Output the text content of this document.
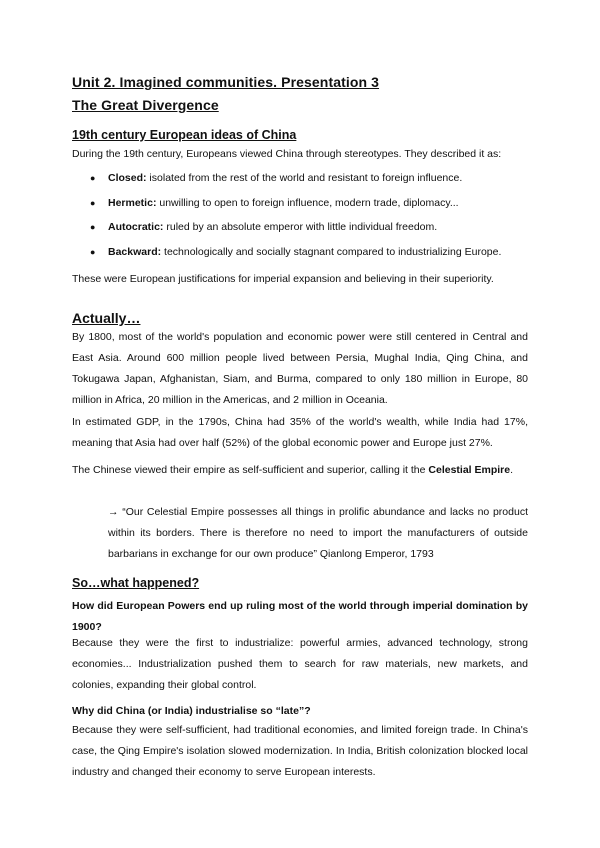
Unit 2. Imagined communities. Presentation 3
The Great Divergence
19th century European ideas of China
During the 19th century, Europeans viewed China through stereotypes. They described it as:
● Closed: isolated from the rest of the world and resistant to foreign influence.
● Hermetic: unwilling to open to foreign influence, modern trade, diplomacy...
● Autocratic: ruled by an absolute emperor with little individual freedom.
● Backward: technologically and socially stagnant compared to industrializing Europe.
These were European justifications for imperial expansion and believing in their superiority.
Actually…
By 1800, most of the world's population and economic power were still centered in Central and East Asia. Around 600 million people lived between Persia, Mughal India, Qing China, and Tokugawa Japan, Afghanistan, Siam, and Burma, compared to only 180 million in Europe, 80 million in Africa, 20 million in the Americas, and 2 million in Oceania.
In estimated GDP, in the 1790s, China had 35% of the world's wealth, while India had 17%, meaning that Asia had over half (52%) of the global economic power and Europe just 27%.
The Chinese viewed their empire as self-sufficient and superior, calling it the Celestial Empire.
→ “Our Celestial Empire possesses all things in prolific abundance and lacks no product within its borders. There is therefore no need to import the manufacturers of outside barbarians in exchange for our own produce” Qianlong Emperor, 1793
So…what happened?
How did European Powers end up ruling most of the world through imperial domination by 1900?
Because they were the first to industrialize: powerful armies, advanced technology, strong economies... Industrialization pushed them to search for raw materials, new markets, and colonies, expanding their global control.
Why did China (or India) industrialise so “late”?
Because they were self-sufficient, had traditional economies, and limited foreign trade. In China's case, the Qing Empire's isolation slowed modernization. In India, British colonization blocked local industry and changed their economy to serve European interests.
